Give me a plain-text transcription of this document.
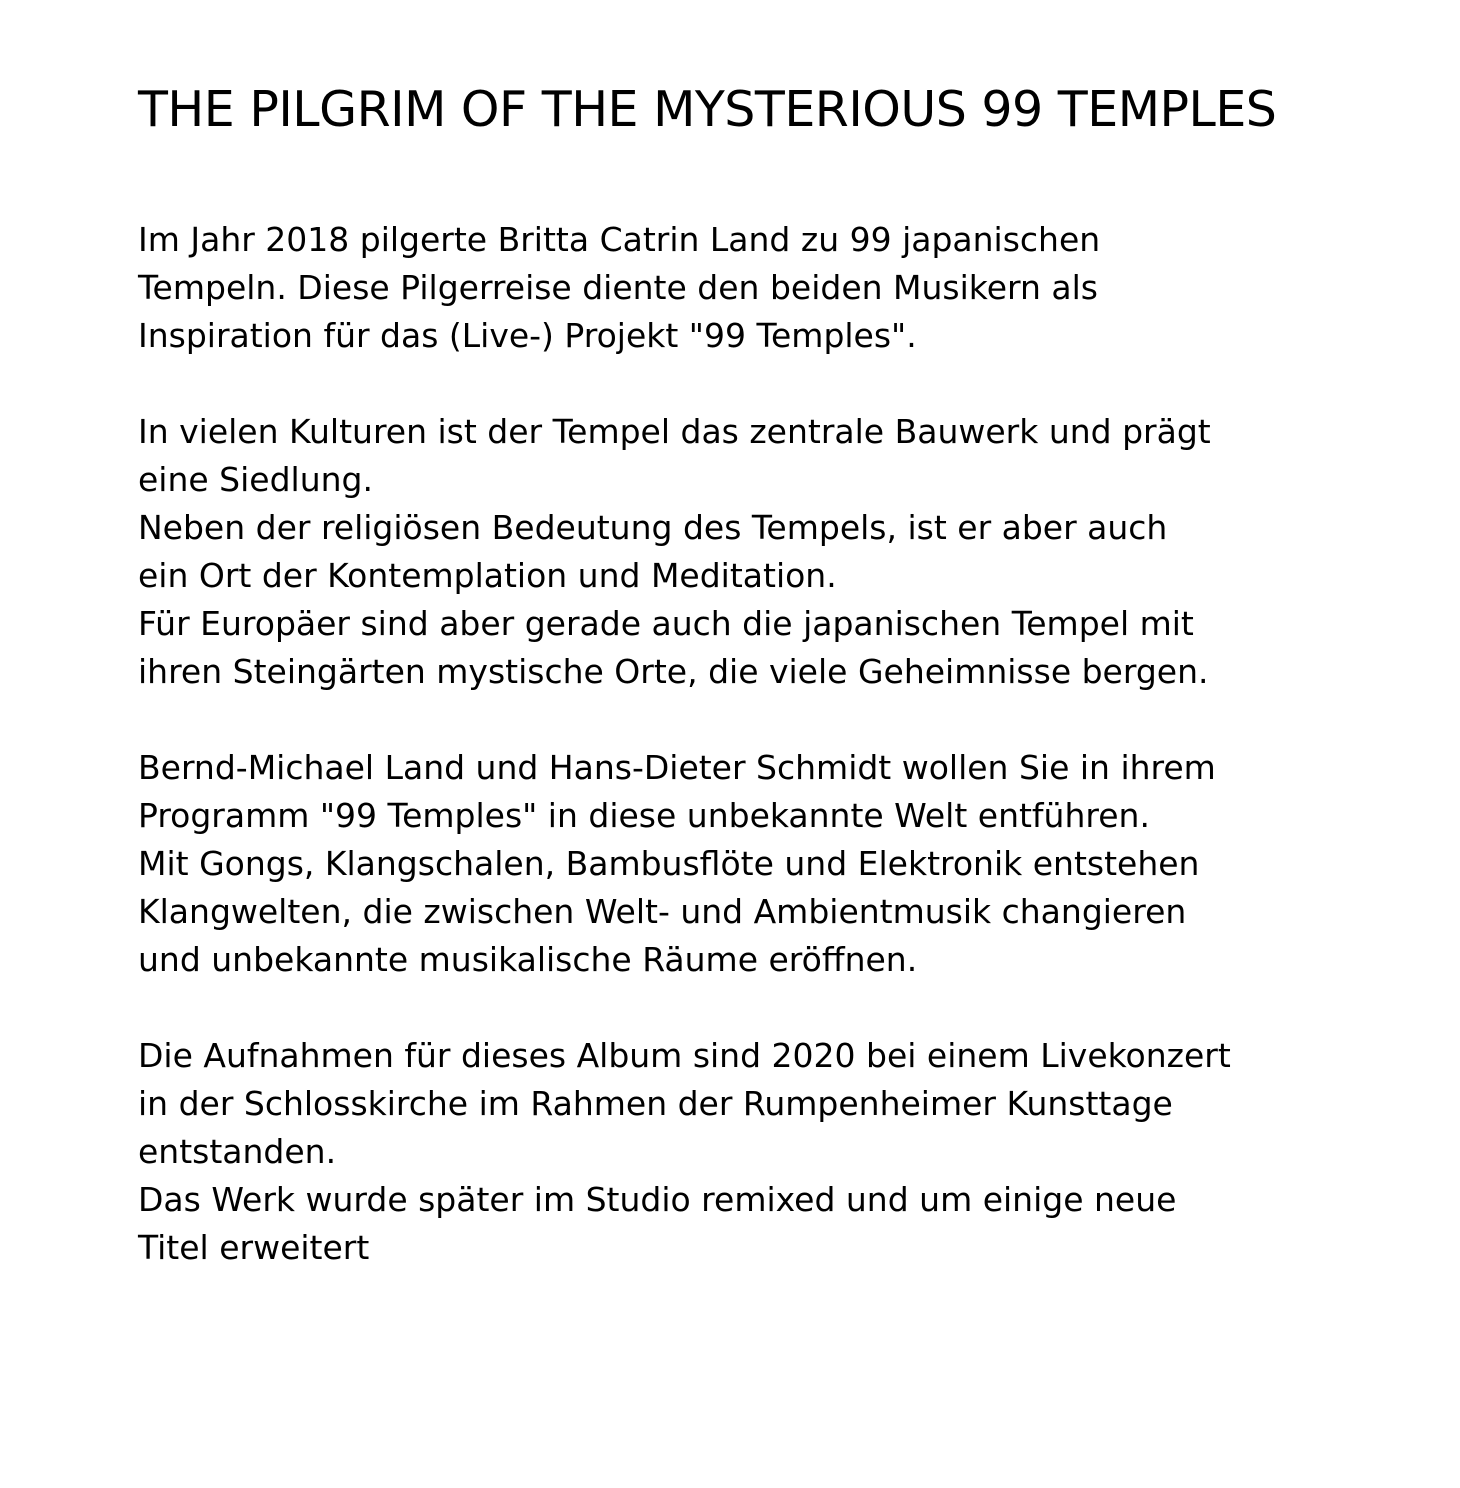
THE PILGRIM OF THE MYSTERIOUS 99 TEMPLES
Im Jahr 2018 pilgerte Britta Catrin Land zu 99 japanischen
Tempeln. Diese Pilgerreise diente den beiden Musikern als
Inspiration für das (Live-) Projekt "99 Temples".
In vielen Kulturen ist der Tempel das zentrale Bauwerk und prägt
eine Siedlung.
Neben der religiösen Bedeutung des Tempels, ist er aber auch
ein Ort der Kontemplation und Meditation.
Für Europäer sind aber gerade auch die japanischen Tempel mit
ihren Steingärten mystische Orte, die viele Geheimnisse bergen.
Bernd-Michael Land und Hans-Dieter Schmidt wollen Sie in ihrem
Programm "99 Temples" in diese unbekannte Welt entführen.
Mit Gongs, Klangschalen, Bambusflöte und Elektronik entstehen
Klangwelten, die zwischen Welt- und Ambientmusik changieren
und unbekannte musikalische Räume eröffnen.
Die Aufnahmen für dieses Album sind 2020 bei einem Livekonzert
in der Schlosskirche im Rahmen der Rumpenheimer Kunsttage
entstanden.
Das Werk wurde später im Studio remixed und um einige neue
Titel erweitert
